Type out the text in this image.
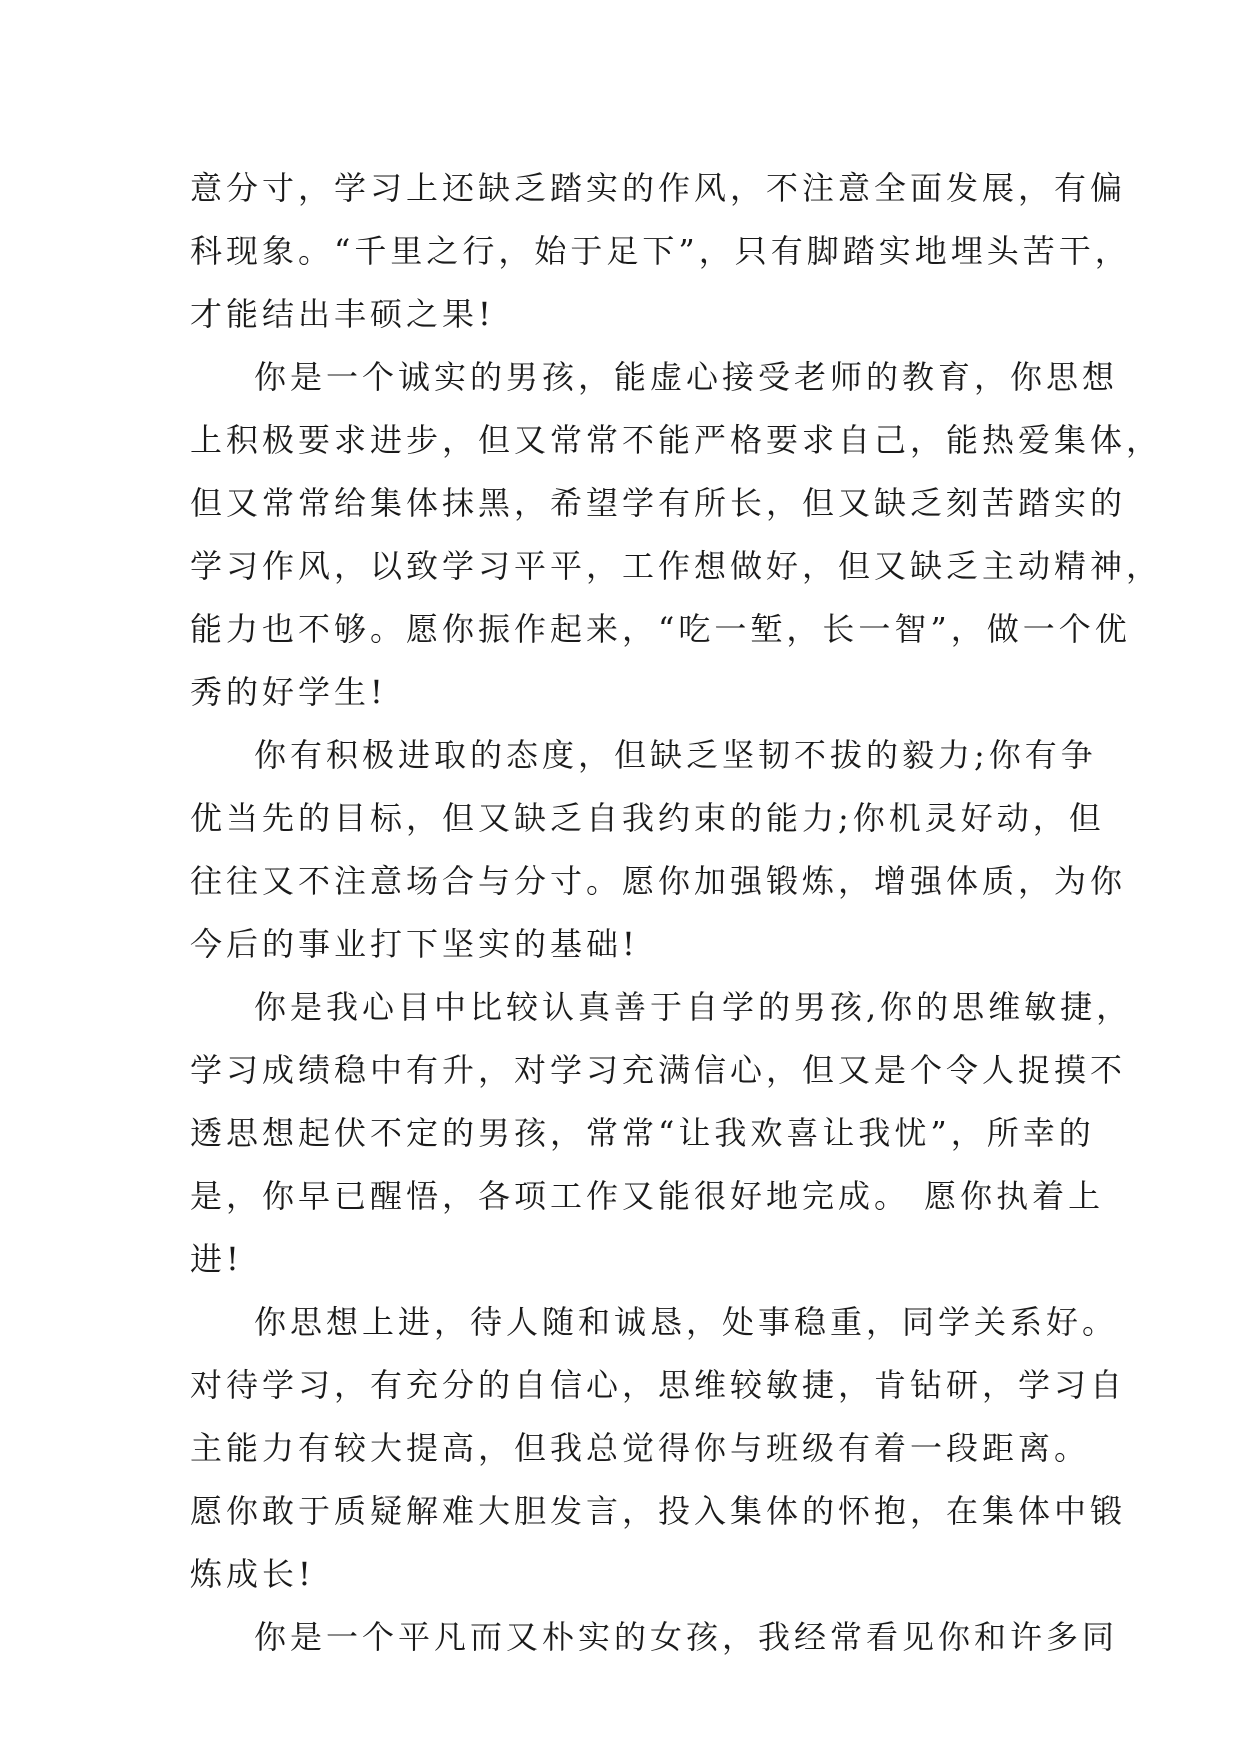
意分寸，学习上还缺乏踏实的作风，不注意全面发展，有偏
科现象。“千里之行，始于足下”，只有脚踏实地埋头苦干，
才能结出丰硕之果!
你是一个诚实的男孩，能虚心接受老师的教育，你思想
上积极要求进步，但又常常不能严格要求自己，能热爱集体，
但又常常给集体抹黑，希望学有所长，但又缺乏刻苦踏实的
学习作风，以致学习平平，工作想做好，但又缺乏主动精神，
能力也不够。愿你振作起来，“吃一堑，长一智”，做一个优
秀的好学生!
你有积极进取的态度，但缺乏坚韧不拔的毅力;你有争
优当先的目标，但又缺乏自我约束的能力;你机灵好动，但
往往又不注意场合与分寸。愿你加强锻炼，增强体质，为你
今后的事业打下坚实的基础!
你是我心目中比较认真善于自学的男孩,你的思维敏捷，
学习成绩稳中有升，对学习充满信心，但又是个令人捉摸不
透思想起伏不定的男孩，常常“让我欢喜让我忧”，所幸的
是，你早已醒悟，各项工作又能很好地完成。 愿你执着上
进!
你思想上进，待人随和诚恳，处事稳重，同学关系好。
对待学习，有充分的自信心，思维较敏捷，肯钻研，学习自
主能力有较大提高，但我总觉得你与班级有着一段距离。
愿你敢于质疑解难大胆发言，投入集体的怀抱，在集体中锻
炼成长!
你是一个平凡而又朴实的女孩，我经常看见你和许多同
